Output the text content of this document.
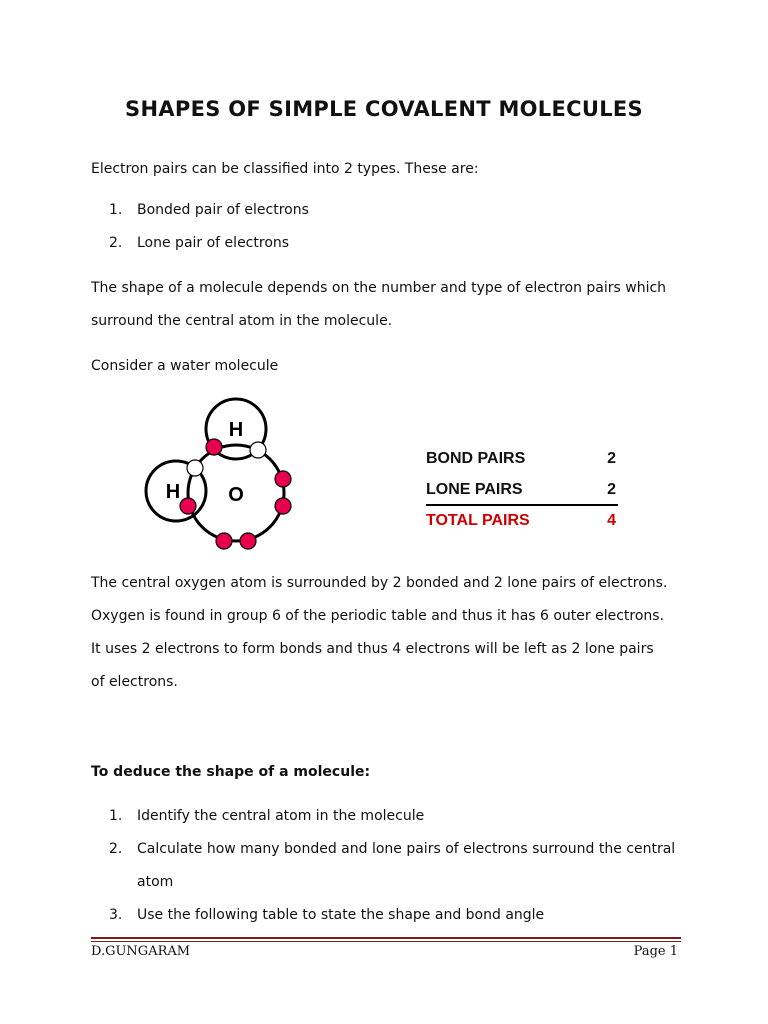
SHAPES OF SIMPLE COVALENT MOLECULES
Electron pairs can be classified into 2 types. These are:
1. Bonded pair of electrons
2. Lone pair of electrons
The shape of a molecule depends on the number and type of electron pairs which
surround the central atom in the molecule.
Consider a water molecule
H
H O
BOND PAIRS	2
LONE PAIRS	2
TOTAL PAIRS	4
The central oxygen atom is surrounded by 2 bonded and 2 lone pairs of electrons.
Oxygen is found in group 6 of the periodic table and thus it has 6 outer electrons.
It uses 2 electrons to form bonds and thus 4 electrons will be left as 2 lone pairs
of electrons.
To deduce the shape of a molecule:
1. Identify the central atom in the molecule
2. Calculate how many bonded and lone pairs of electrons surround the central
atom
3. Use the following table to state the shape and bond angle
D.GUNGARAM	Page 1
